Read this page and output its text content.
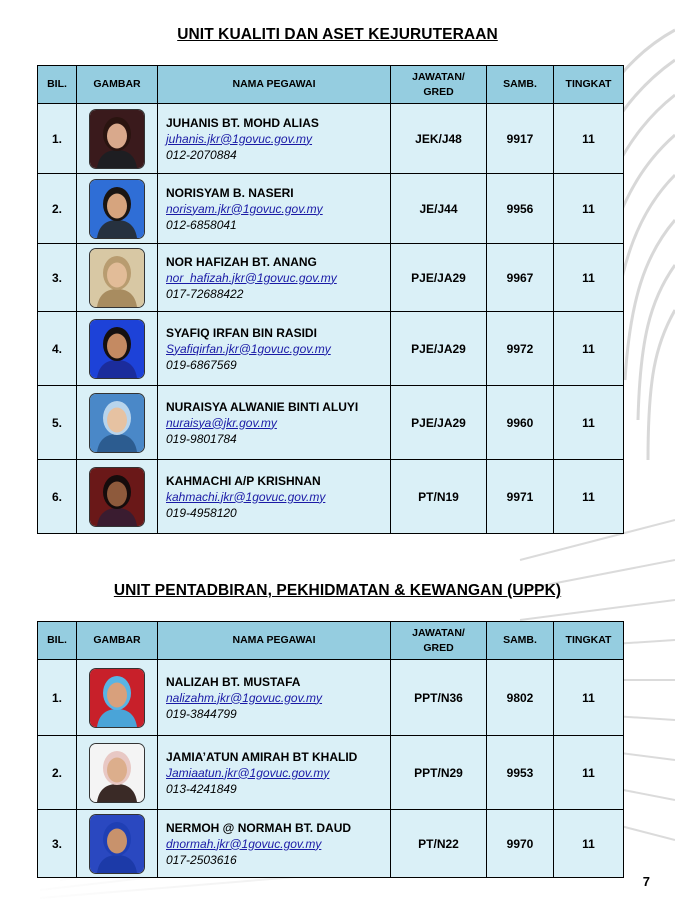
UNIT KUALITI DAN ASET KEJURUTERAAN
BIL.	GAMBAR	NAMA PEGAWAI	JAWATAN/
GRED	SAMB.	TINGKAT
1.		JUHANIS BT. MOHD ALIAS
juhanis.jkr@1govuc.gov.my
012-2070884	JEK/J48	9917	11
2.		NORISYAM B. NASERI
norisyam.jkr@1govuc.gov.my
012-6858041	JE/J44	9956	11
3.		NOR HAFIZAH BT. ANANG
nor_hafizah.jkr@1govuc.gov.my
017-72688422	PJE/JA29	9967	11
4.		SYAFIQ IRFAN BIN RASIDI
Syafiqirfan.jkr@1govuc.gov.my
019-6867569	PJE/JA29	9972	11
5.		NURAISYA ALWANIE BINTI ALUYI
nuraisya@jkr.gov.my
019-9801784	PJE/JA29	9960	11
6.		KAHMACHI A/P KRISHNAN
kahmachi.jkr@1govuc.gov.my
019-4958120	PT/N19	9971	11
UNIT PENTADBIRAN, PEKHIDMATAN & KEWANGAN (UPPK)
BIL.	GAMBAR	NAMA PEGAWAI	JAWATAN/
GRED	SAMB.	TINGKAT
1.		NALIZAH BT. MUSTAFA
nalizahm.jkr@1govuc.gov.my
019-3844799	PPT/N36	9802	11
2.		JAMIA’ATUN AMIRAH BT KHALID
Jamiaatun.jkr@1govuc.gov.my
013-4241849	PPT/N29	9953	11
3.		NERMOH @ NORMAH BT. DAUD
dnormah.jkr@1govuc.gov.my
017-2503616	PT/N22	9970	11
7
